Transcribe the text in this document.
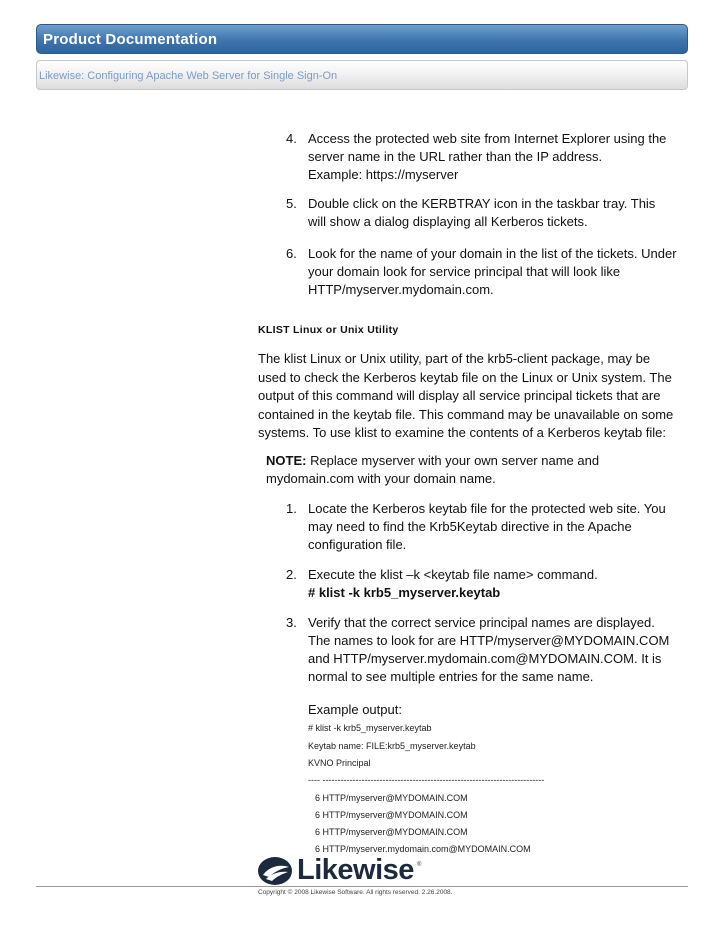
Product Documentation
Likewise: Configuring Apache Web Server for Single Sign-On
4. Access the protected web site from Internet Explorer using the
server name in the URL rather than the IP address.
Example: https://myserver
5. Double click on the KERBTRAY icon in the taskbar tray. This
will show a dialog displaying all Kerberos tickets.
6. Look for the name of your domain in the list of the tickets. Under
your domain look for service principal that will look like
HTTP/myserver.mydomain.com.
KLIST Linux or Unix Utility
The klist Linux or Unix utility, part of the krb5-client package, may be
used to check the Kerberos keytab file on the Linux or Unix system. The
output of this command will display all service principal tickets that are
contained in the keytab file. This command may be unavailable on some
systems. To use klist to examine the contents of a Kerberos keytab file:
NOTE: Replace myserver with your own server name and
mydomain.com with your domain name.
1. Locate the Kerberos keytab file for the protected web site. You
may need to find the Krb5Keytab directive in the Apache
configuration file.
2. Execute the klist –k <keytab file name> command.
# klist -k krb5_myserver.keytab
3. Verify that the correct service principal names are displayed.
The names to look for are HTTP/myserver@MYDOMAIN.COM
and HTTP/myserver.mydomain.com@MYDOMAIN.COM. It is
normal to see multiple entries for the same name.
Example output:
# klist -k krb5_myserver.keytab
Keytab name: FILE:krb5_myserver.keytab
KVNO Principal
---- --------------------------------------------------------------------------
6 HTTP/myserver@MYDOMAIN.COM
6 HTTP/myserver@MYDOMAIN.COM
6 HTTP/myserver@MYDOMAIN.COM
6 HTTP/myserver.mydomain.com@MYDOMAIN.COM
Likewise ®
Copyright © 2008 Likewise Software. All rights reserved. 2.26.2008.
